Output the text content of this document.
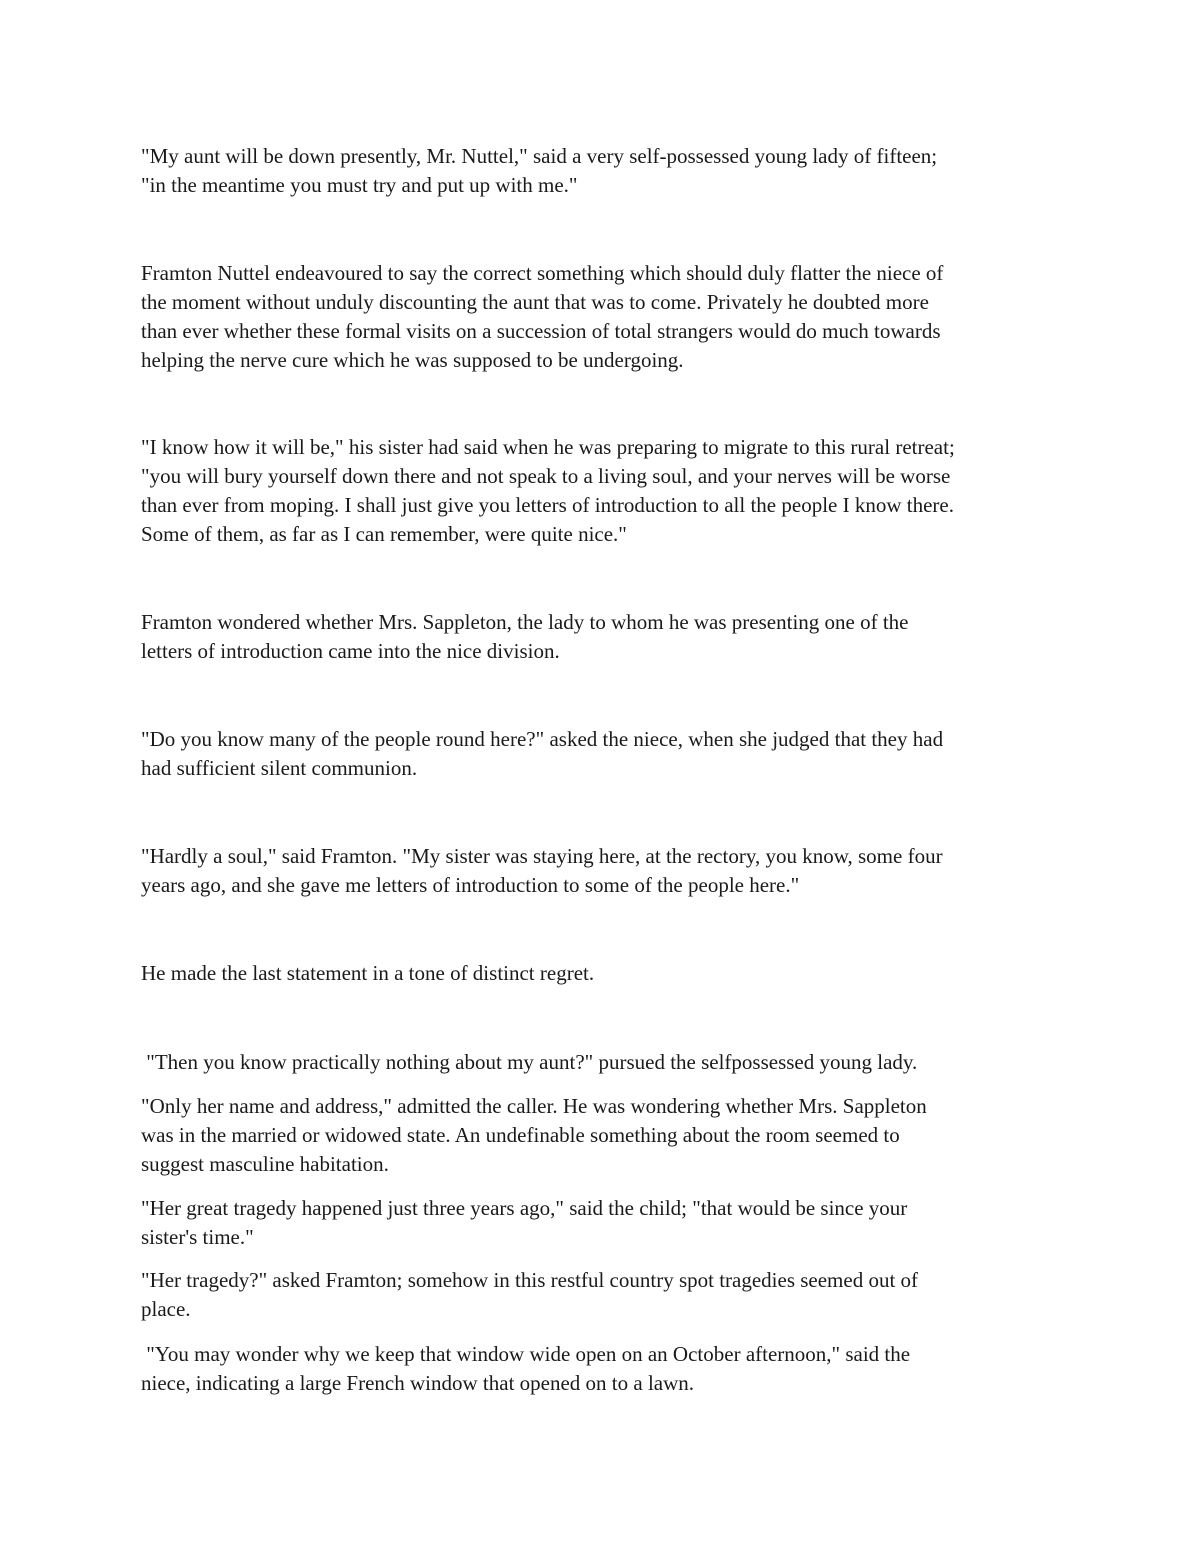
"My aunt will be down presently, Mr. Nuttel," said a very self-possessed young lady of fifteen;
"in the meantime you must try and put up with me."

Framton Nuttel endeavoured to say the correct something which should duly flatter the niece of
the moment without unduly discounting the aunt that was to come. Privately he doubted more
than ever whether these formal visits on a succession of total strangers would do much towards
helping the nerve cure which he was supposed to be undergoing.

"I know how it will be," his sister had said when he was preparing to migrate to this rural retreat;
"you will bury yourself down there and not speak to a living soul, and your nerves will be worse
than ever from moping. I shall just give you letters of introduction to all the people I know there.
Some of them, as far as I can remember, were quite nice."

Framton wondered whether Mrs. Sappleton, the lady to whom he was presenting one of the
letters of introduction came into the nice division.

"Do you know many of the people round here?" asked the niece, when she judged that they had
had sufficient silent communion.

"Hardly a soul," said Framton. "My sister was staying here, at the rectory, you know, some four
years ago, and she gave me letters of introduction to some of the people here."

He made the last statement in a tone of distinct regret.

"Then you know practically nothing about my aunt?" pursued the selfpossessed young lady.

"Only her name and address," admitted the caller. He was wondering whether Mrs. Sappleton
was in the married or widowed state. An undefinable something about the room seemed to
suggest masculine habitation.

"Her great tragedy happened just three years ago," said the child; "that would be since your
sister's time."

"Her tragedy?" asked Framton; somehow in this restful country spot tragedies seemed out of
place.

"You may wonder why we keep that window wide open on an October afternoon," said the
niece, indicating a large French window that opened on to a lawn.
